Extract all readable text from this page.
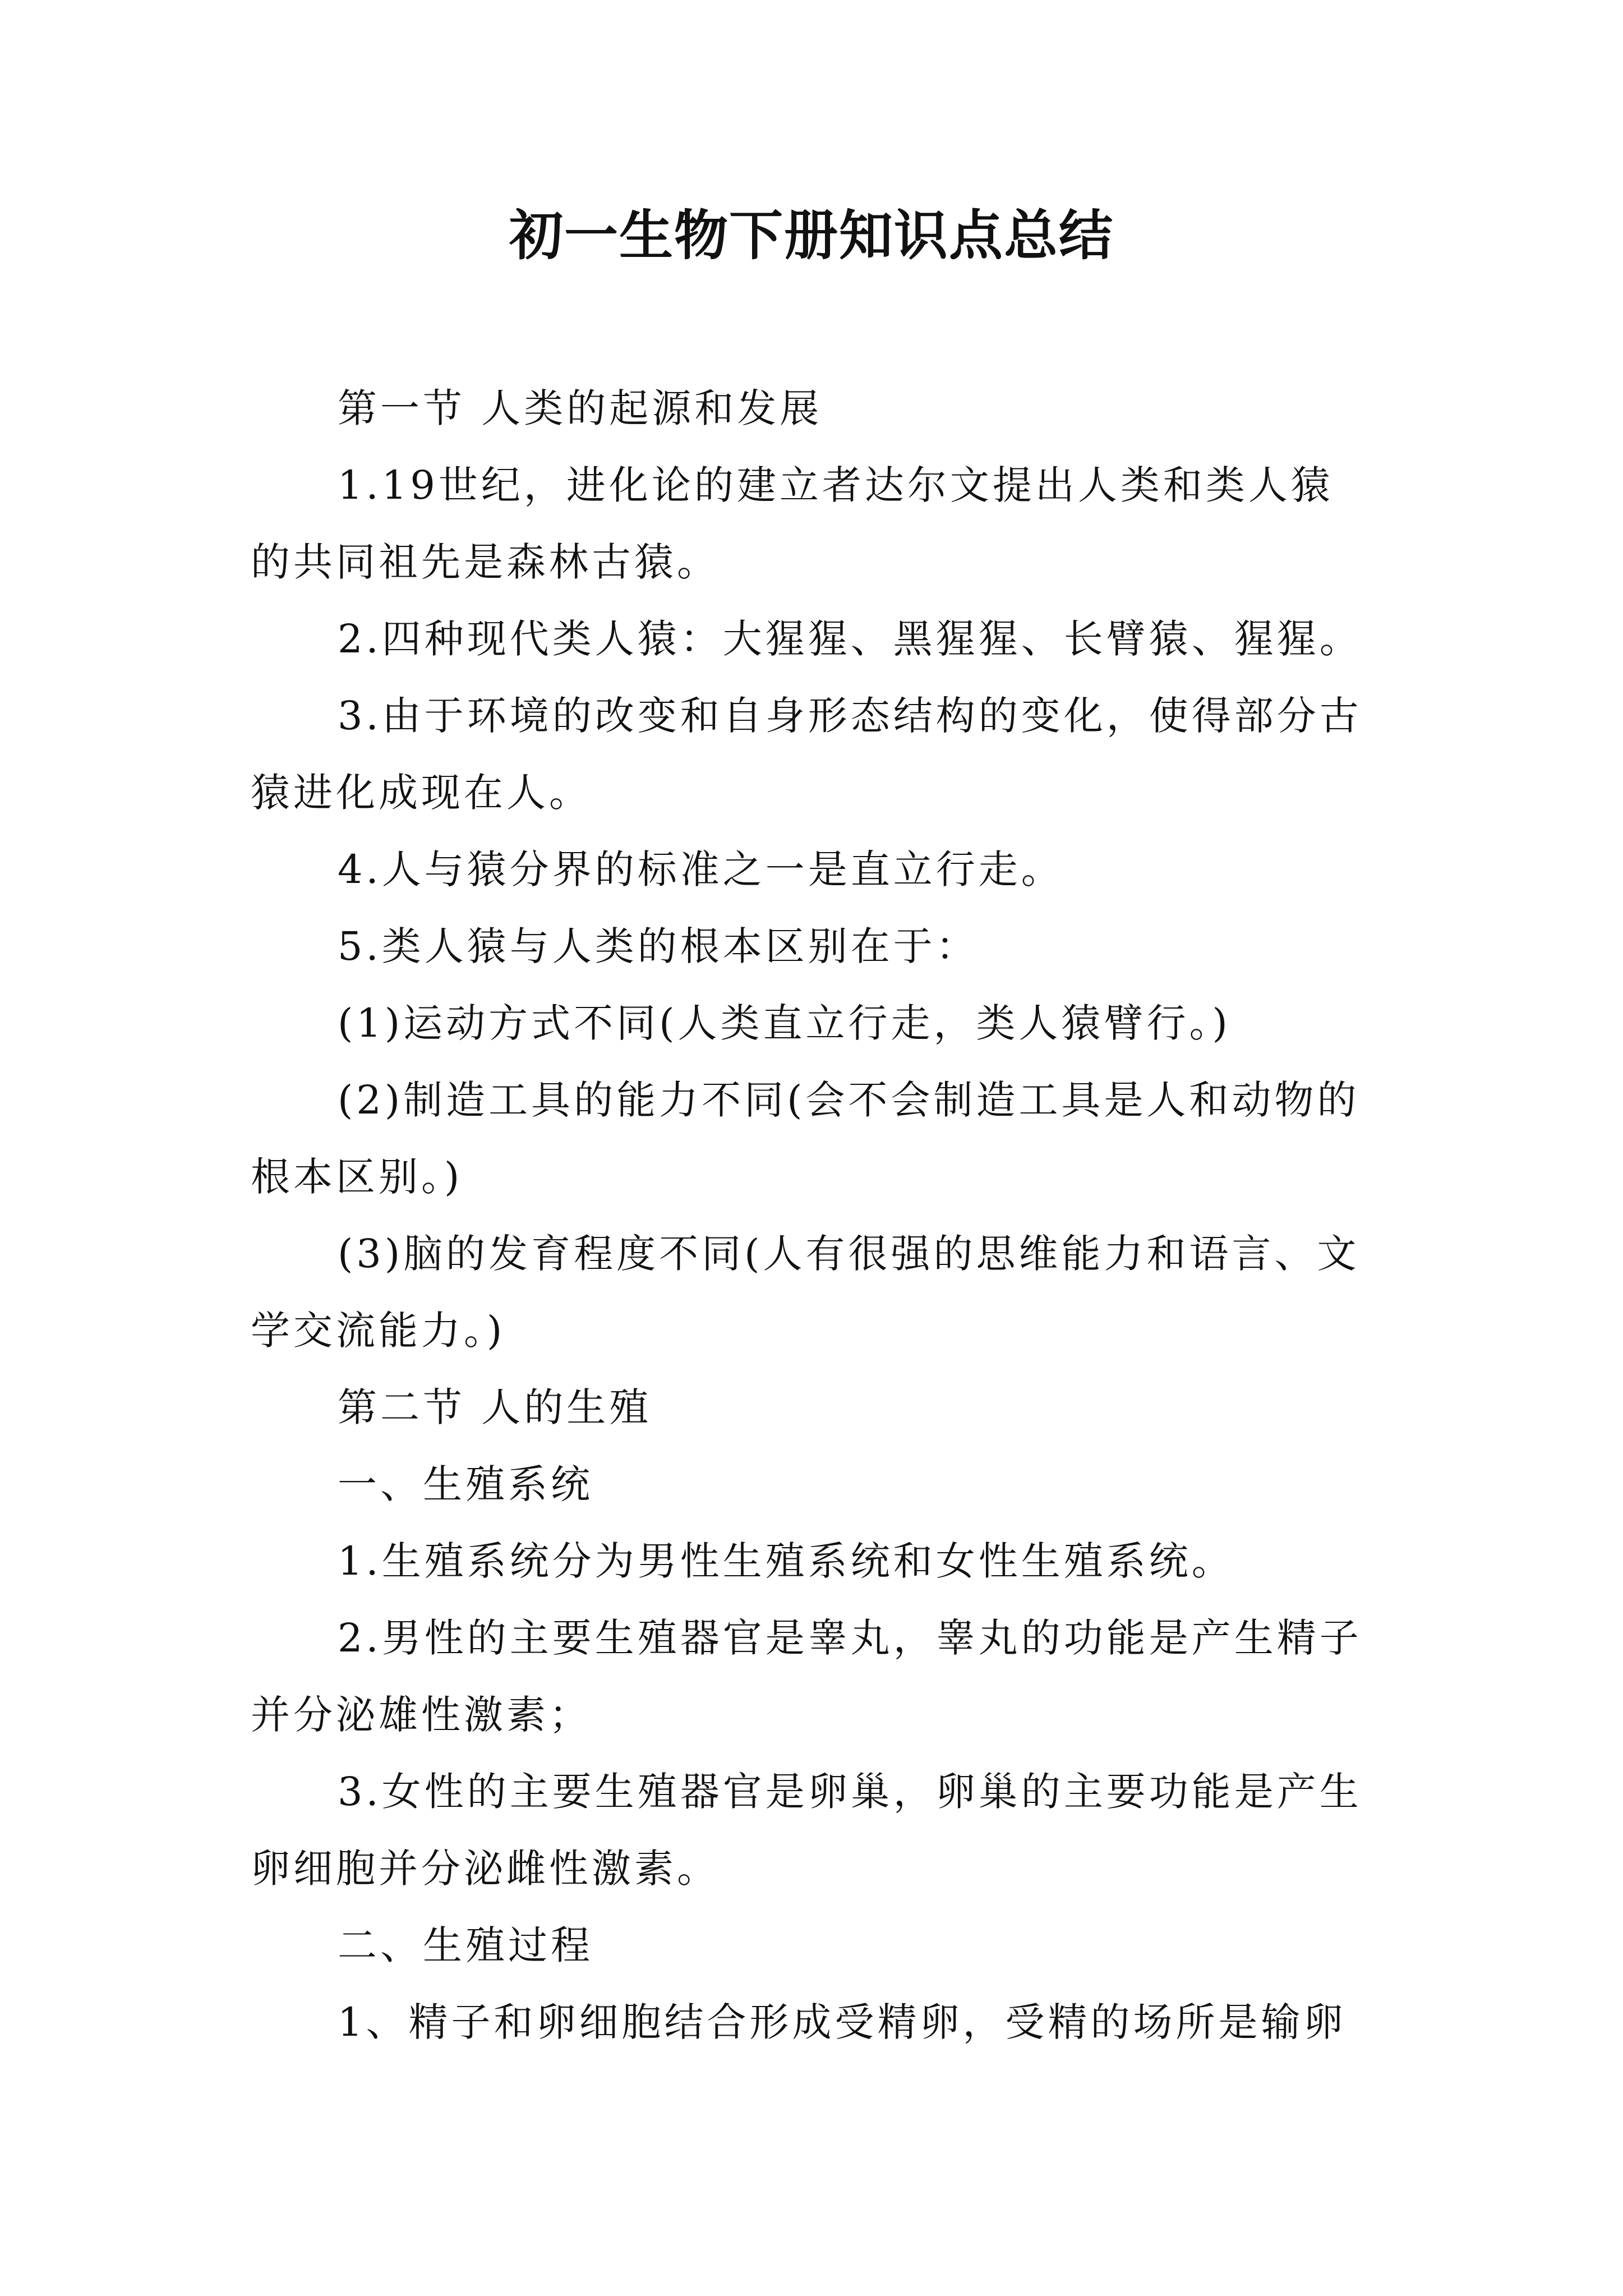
初一生物下册知识点总结

第一节 人类的起源和发展

1.19世纪，进化论的建立者达尔文提出人类和类人猿的共同祖先是森林古猿。

2.四种现代类人猿：大猩猩、黑猩猩、长臂猿、猩猩。

3.由于环境的改变和自身形态结构的变化，使得部分古猿进化成现在人。

4.人与猿分界的标准之一是直立行走。

5.类人猿与人类的根本区别在于：

(1)运动方式不同(人类直立行走，类人猿臂行。)

(2)制造工具的能力不同(会不会制造工具是人和动物的根本区别。)

(3)脑的发育程度不同(人有很强的思维能力和语言、文学交流能力。)

第二节 人的生殖

一、生殖系统

1.生殖系统分为男性生殖系统和女性生殖系统。

2.男性的主要生殖器官是睾丸，睾丸的功能是产生精子并分泌雄性激素；

3.女性的主要生殖器官是卵巢，卵巢的主要功能是产生卵细胞并分泌雌性激素。

二、生殖过程

1、精子和卵细胞结合形成受精卵，受精的场所是输卵
